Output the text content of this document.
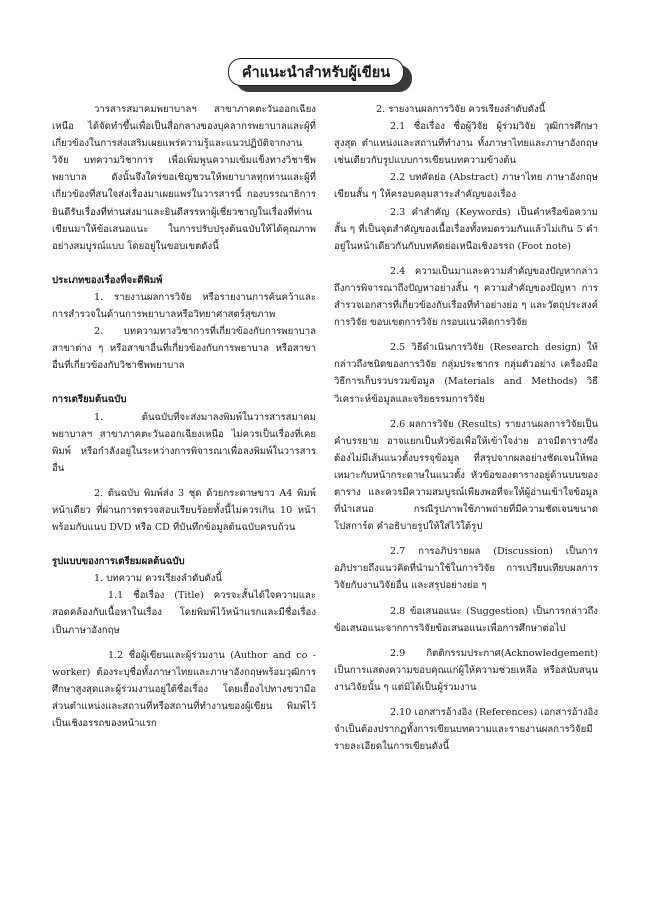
คำแนะนำสำหรับผู้เขียน

วารสารสมาคมพยาบาลฯ สาขาภาคตะวันออกเฉียงเหนือ ได้จัดทำขึ้นเพื่อเป็นสื่อกลางของบุคลากรพยาบาลและผู้ที่เกี่ยวข้องในการส่งเสริมเผยแพร่ความรู้และแนวปฏิบัติจากงานวิจัย บทความวิชาการ เพื่อเพิ่มพูนความเข้มแข็งทางวิชาชีพพยาบาล ดังนั้นจึงใคร่ขอเชิญชวนให้พยาบาลทุกท่านและผู้ที่เกี่ยวข้องที่สนใจส่งเรื่องมาเผยแพร่ในวารสารนี้ กองบรรณาธิการยินดีรับเรื่องที่ท่านส่งมาและยินดีสรรหาผู้เชี่ยวชาญในเรื่องที่ท่านเขียนมาให้ข้อเสนอแนะ ในการปรับปรุงต้นฉบับให้ได้คุณภาพอย่างสมบูรณ์แบบ โดยอยู่ในขอบเขตดังนี้

ประเภทของเรื่องที่จะตีพิมพ์

1. รายงานผลการวิจัย หรือรายงานการค้นคว้าและการสำรวจในด้านการพยาบาลหรือวิทยาศาสตร์สุขภาพ

2. บทความทางวิชาการที่เกี่ยวข้องกับการพยาบาลสาขาต่าง ๆ หรือสาขาอื่นที่เกี่ยวข้องกับการพยาบาล หรือสาขาอื่นที่เกี่ยวข้องกับวิชาชีพพยาบาล

การเตรียมต้นฉบับ

1. ต้นฉบับที่จะส่งมาลงพิมพ์ในวารสารสมาคมพยาบาลฯ สาขาภาคตะวันออกเฉียงเหนือ ไม่ควรเป็นเรื่องที่เคยพิมพ์ หรือกำลังอยู่ในระหว่างการพิจารณาเพื่อลงพิมพ์ในวารสารอื่น

2. ต้นฉบับ พิมพ์ส่ง 3 ชุด ด้วยกระดาษขาว A4 พิมพ์หน้าเดียว ที่ผ่านการตรวจสอบเรียบร้อยทั้งนี้ไม่ควรเกิน 10 หน้า พร้อมกับแนบ DVD หรือ CD ที่บันทึกข้อมูลต้นฉบับครบถ้วน

รูปแบบของการเตรียมผลต้นฉบับ

1. บทความ ควรเรียงลำดับดังนี้

1.1 ชื่อเรื่อง (Title) ควรจะสั้นได้ใจความและสอดคล้องกับเนื้อหาในเรื่อง โดยพิมพ์ไว้หน้าแรกและมีชื่อเรื่องเป็นภาษาอังกฤษ

1.2 ชื่อผู้เขียนและผู้ร่วมงาน (Author and co - worker) ต้องระบุชื่อทั้งภาษาไทยและภาษาอังกฤษพร้อมวุฒิการศึกษาสูงสุดและผู้ร่วมงานอยู่ใต้ชื่อเรื่อง โดยเยื้องไปทางขวามือ ส่วนตำแหน่งและสถานที่หรือสถานที่ทำงานของผู้เขียน พิมพ์ไว้เป็นเชิงอรรถของหน้าแรก

2. รายงานผลการวิจัย ควรเรียงลำดับดังนี้

2.1 ชื่อเรื่อง ชื่อผู้วิจัย ผู้ร่วมวิจัย วุฒิการศึกษาสูงสุด ตำแหน่งและสถานที่ทำงาน ทั้งภาษาไทยและภาษาอังกฤษ เช่นเดียวกับรูปแบบการเขียนบทความข้างต้น

2.2 บทคัดย่อ (Abstract) ภาษาไทย ภาษาอังกฤษ เขียนสั้น ๆ ให้ครอบคลุมสาระสำคัญของเรื่อง

2.3 คำสำคัญ (Keywords) เป็นคำหรือข้อความสั้น ๆ ที่เป็นจุดสำคัญของเนื้อเรื่องทั้งหมดรวมกันแล้วไม่เกิน 5 คำ อยู่ในหน้าเดียวกันกับบทคัดย่อเหนือเชิงอรรถ (Foot note)

2.4 ความเป็นมาและความสำคัญของปัญหากล่าวถึงการพิจารณาถึงปัญหาอย่างสั้น ๆ ความสำคัญของปัญหา การสำรวจเอกสารที่เกี่ยวข้องกับเรื่องที่ทำอย่างย่อ ๆ และวัตถุประสงค์การวิจัย ขอบเขตการวิจัย กรอบแนวคิดการวิจัย

2.5 วิธีดำเนินการวิจัย (Research design) ให้กล่าวถึงชนิดของการวิจัย กลุ่มประชากร กลุ่มตัวอย่าง เครื่องมือ วิธีการเก็บรวบรวมข้อมูล (Materials and Methods) วิธีวิเคราะห์ข้อมูลและจริยธรรมการวิจัย

2.6 ผลการวิจัย (Results) รายงานผลการวิจัยเป็นคำบรรยาย อาจแยกเป็นหัวข้อเพื่อให้เข้าใจง่าย อาจมีตารางซึ่งต้องไม่มีเส้นแนวตั้งบรรจุข้อมูล ที่สรุปจากผลอย่างชัดเจนให้พอเหมาะกับหน้ากระดาษในแนวตั้ง หัวข้อของตารางอยู่ด้านบนของตาราง และควรมีความสมบูรณ์เพียงพอที่จะให้ผู้อ่านเข้าใจข้อมูลที่นำเสนอ กรณีรูปภาพใช้ภาพถ่ายที่มีความชัดเจนขนาดโปสการ์ด คำอธิบายรูปให้ใส่ไว้ใต้รูป

2.7 การอภิปรายผล (Discussion) เป็นการอภิปรายถึงแนวคิดที่นำมาใช้ในการวิจัย การเปรียบเทียบผลการวิจัยกับงานวิจัยอื่น และสรุปอย่างย่อ ๆ

2.8 ข้อเสนอแนะ (Suggestion) เป็นการกล่าวถึงข้อเสนอแนะจากการวิจัยข้อเสนอแนะเพื่อการศึกษาต่อไป

2.9 กิตติกรรมประกาศ(Acknowledgement) เป็นการแสดงความขอบคุณแก่ผู้ให้ความช่วยเหลือ หรือสนับสนุนงานวิจัยนั้น ๆ แต่มิได้เป็นผู้ร่วมงาน

2.10 เอกสารอ้างอิง (References) เอกสารอ้างอิงจำเป็นต้องปรากฏทั้งการเขียนบทความและรายงานผลการวิจัยมีรายละเอียดในการเขียนดังนี้
